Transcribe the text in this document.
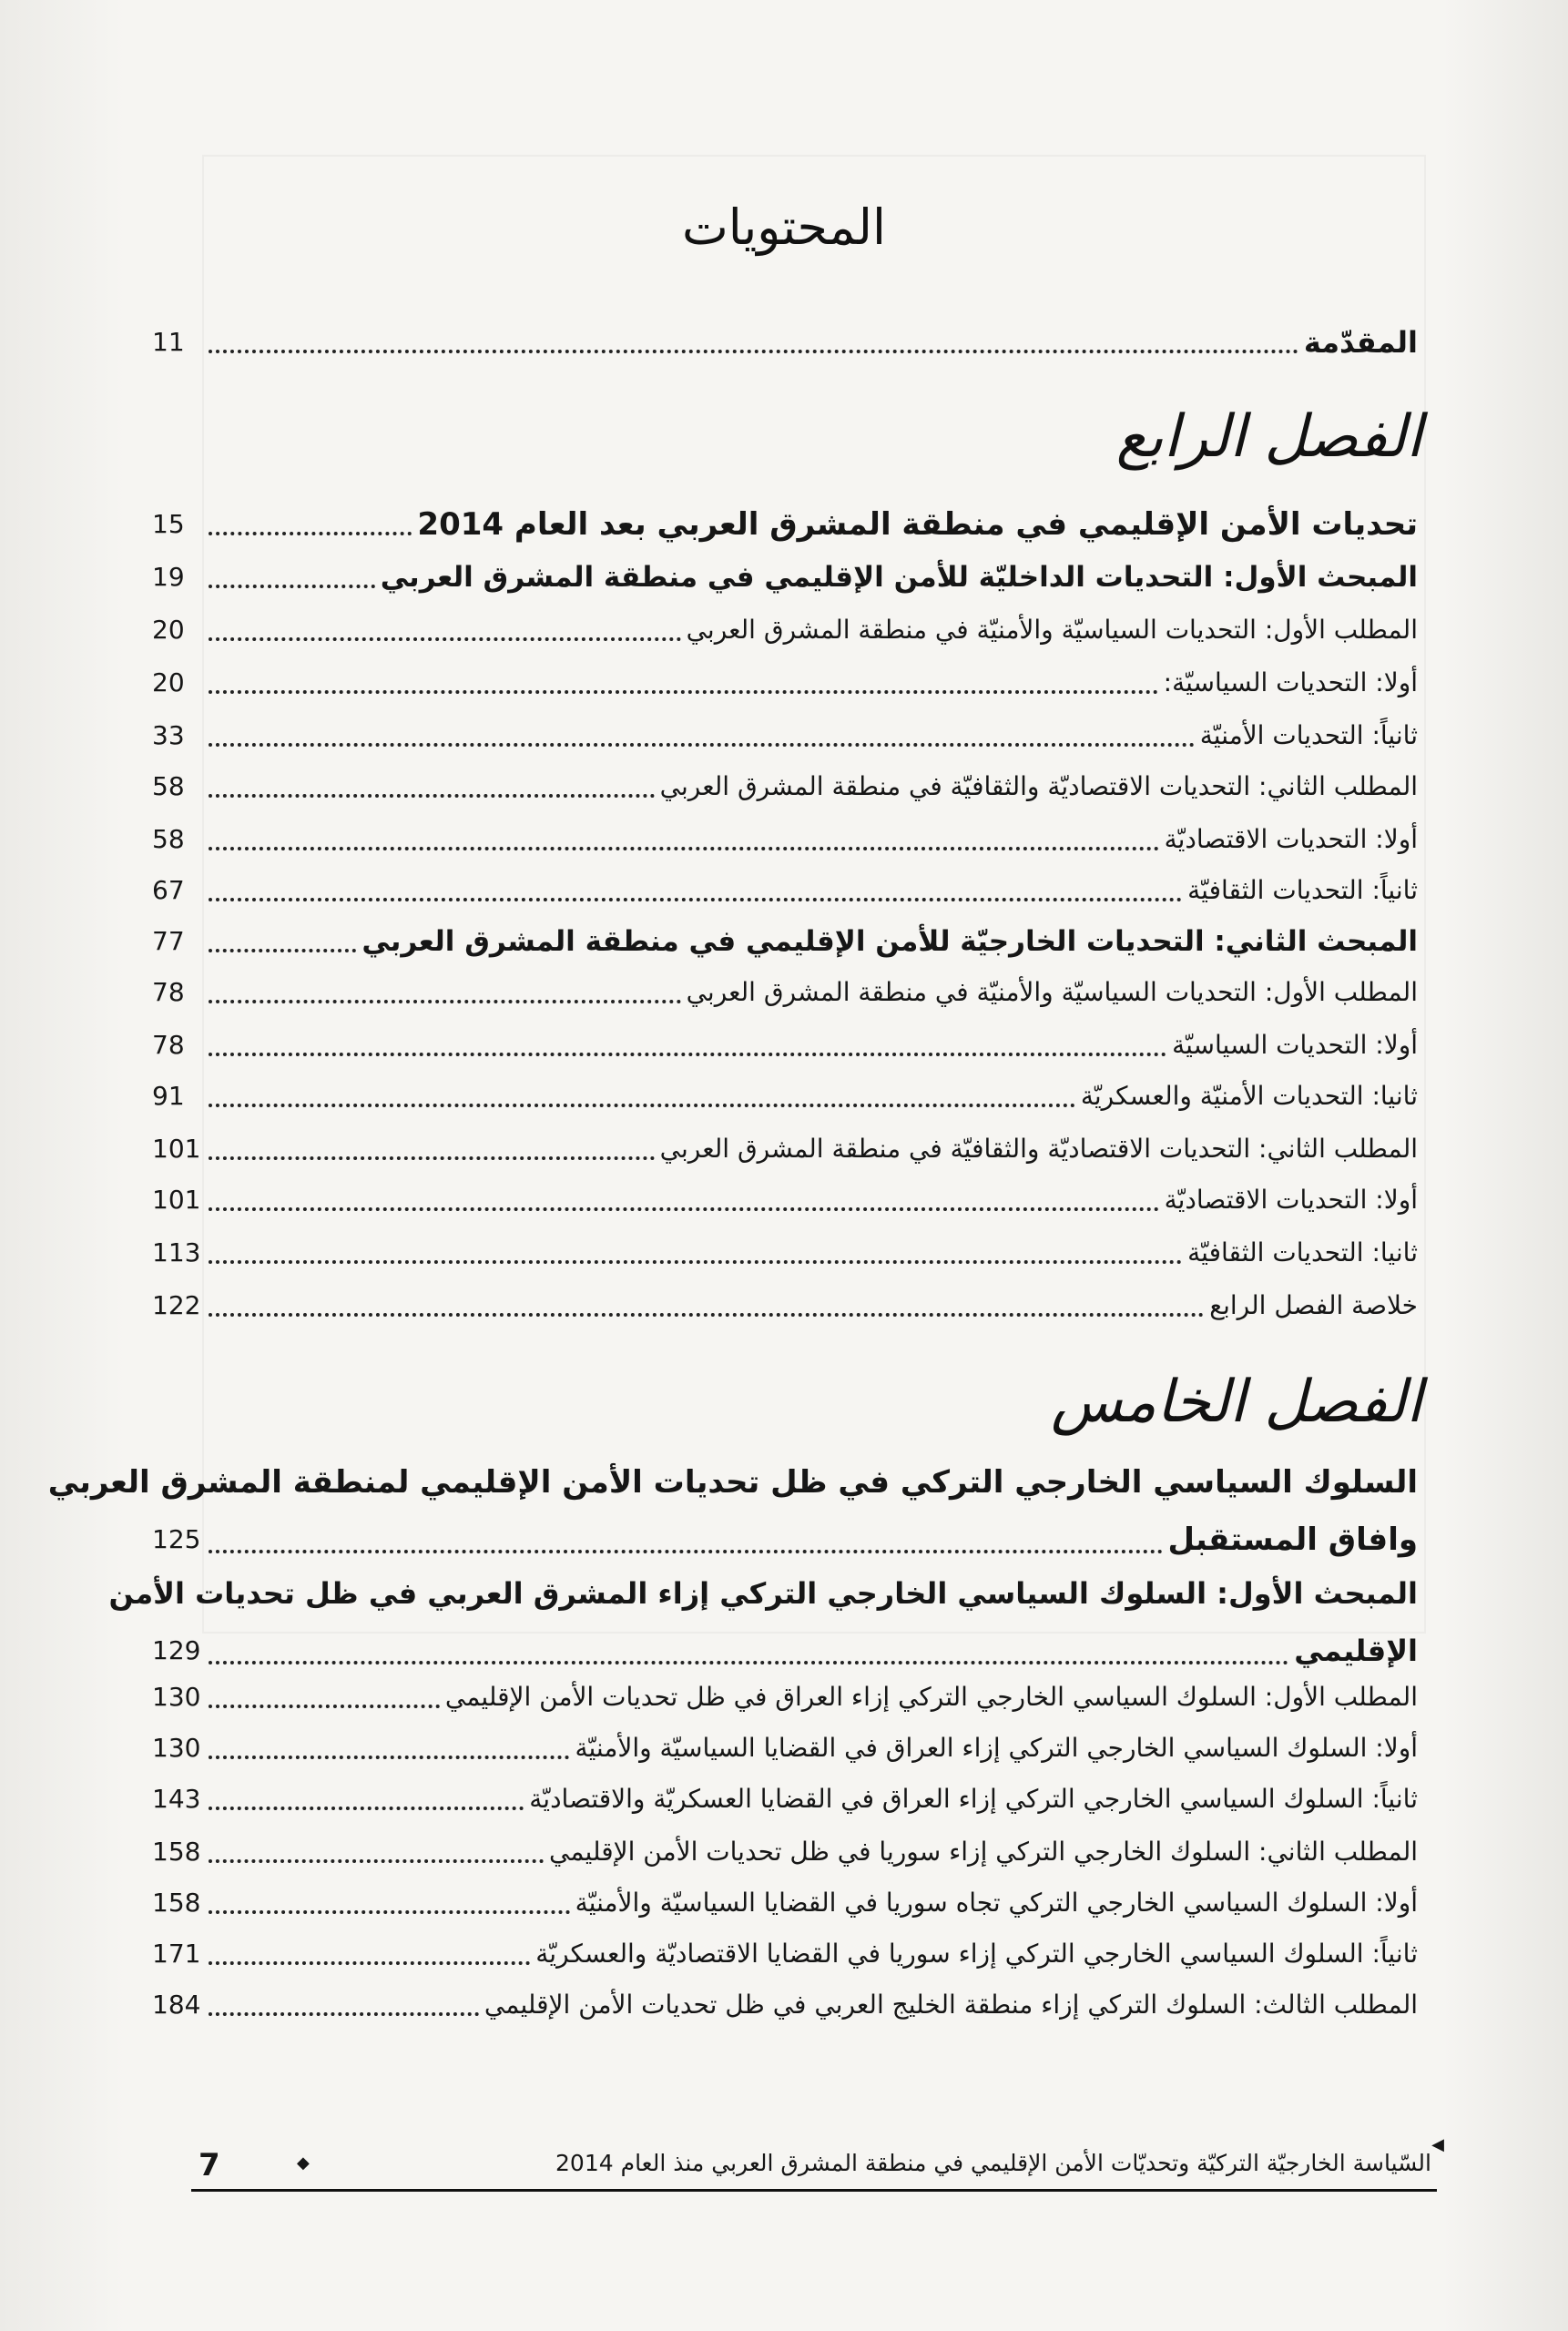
المحتويات
المقدّمة
11
الفصل الرابع
تحديات الأمن الإقليمي في منطقة المشرق العربي بعد العام 2014
15
المبحث الأول: التحديات الداخليّة للأمن الإقليمي في منطقة المشرق العربي
19
المطلب الأول: التحديات السياسيّة والأمنيّة في منطقة المشرق العربي
20
أولا: التحديات السياسيّة:
20
ثانياً: التحديات الأمنيّة
33
المطلب الثاني: التحديات الاقتصاديّة والثقافيّة في منطقة المشرق العربي
58
أولا: التحديات الاقتصاديّة
58
ثانياً: التحديات الثقافيّة
67
المبحث الثاني: التحديات الخارجيّة للأمن الإقليمي في منطقة المشرق العربي
77
المطلب الأول: التحديات السياسيّة والأمنيّة في منطقة المشرق العربي
78
أولا: التحديات السياسيّة
78
ثانيا: التحديات الأمنيّة والعسكريّة
91
المطلب الثاني: التحديات الاقتصاديّة والثقافيّة في منطقة المشرق العربي
101
أولا: التحديات الاقتصاديّة
101
ثانيا: التحديات الثقافيّة
113
خلاصة الفصل الرابع
122
الفصل الخامس
السلوك السياسي الخارجي التركي في ظل تحديات الأمن الإقليمي لمنطقة المشرق العربي
وافاق المستقبل
125
المبحث الأول: السلوك السياسي الخارجي التركي إزاء المشرق العربي في ظل تحديات الأمن
الإقليمي
129
المطلب الأول: السلوك السياسي الخارجي التركي إزاء العراق في ظل تحديات الأمن الإقليمي
130
أولا: السلوك السياسي الخارجي التركي إزاء العراق في القضايا السياسيّة والأمنيّة
130
ثانياً: السلوك السياسي الخارجي التركي إزاء العراق في القضايا العسكريّة والاقتصاديّة
143
المطلب الثاني: السلوك الخارجي التركي إزاء سوريا في ظل تحديات الأمن الإقليمي
158
أولا: السلوك السياسي الخارجي التركي تجاه سوريا في القضايا السياسيّة والأمنيّة
158
ثانياً: السلوك السياسي الخارجي التركي إزاء سوريا في القضايا الاقتصاديّة والعسكريّة
171
المطلب الثالث: السلوك التركي إزاء منطقة الخليج العربي في ظل تحديات الأمن الإقليمي
184
◀
السّياسة الخارجيّة التركيّة وتحديّات الأمن الإقليمي في منطقة المشرق العربي منذ العام 2014
◆
7
